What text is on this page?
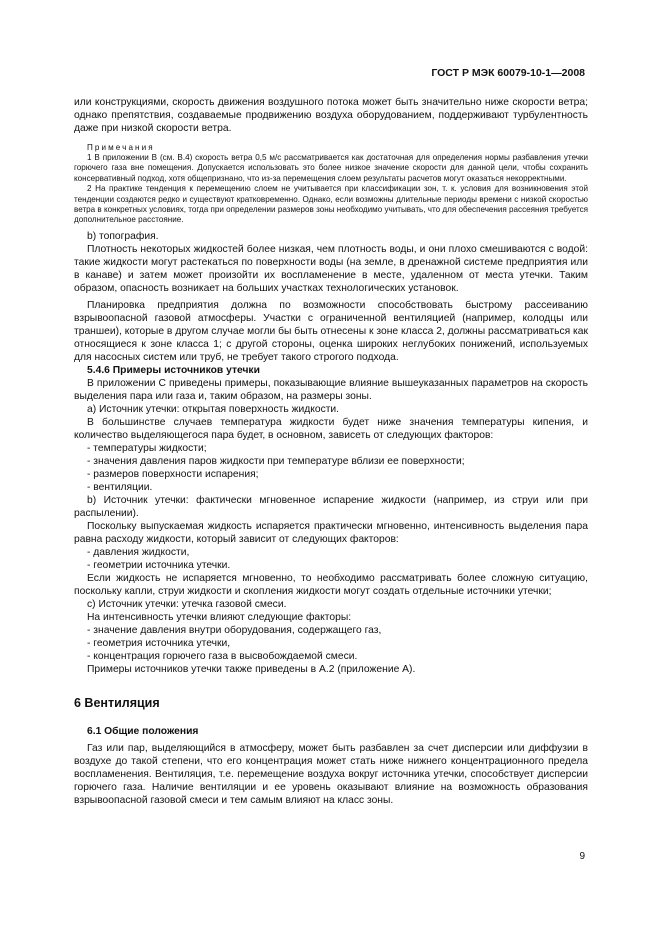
ГОСТ Р МЭК 60079-10-1—2008

или конструкциями, скорость движения воздушного потока может быть значительно ниже скорости ветра; однако препятствия, создаваемые продвижению воздуха оборудованием, поддерживают турбулентность даже при низкой скорости ветра.

Примечания

1 В приложении В (см. В.4) скорость ветра 0,5 м/с рассматривается как достаточная для определения нормы разбавления утечки горючего газа вне помещения. Допускается использовать это более низкое значение скорости для данной цели, чтобы сохранить консервативный подход, хотя общепризнано, что из-за перемещения слоем результаты расчетов могут оказаться некорректными.

2 На практике тенденция к перемещению слоем не учитывается при классификации зон, т. к. условия для возникновения этой тенденции создаются редко и существуют кратковременно. Однако, если возможны длительные периоды времени с низкой скоростью ветра в конкретных условиях, тогда при определении размеров зоны необходимо учитывать, что для обеспечения рассеяния требуется дополнительное расстояние.

b) топография.

Плотность некоторых жидкостей более низкая, чем плотность воды, и они плохо смешиваются с водой: такие жидкости могут растекаться по поверхности воды (на земле, в дренажной системе предприятия или в канаве) и затем может произойти их воспламенение в месте, удаленном от места утечки. Таким образом, опасность возникает на больших участках технологических установок.

Планировка предприятия должна по возможности способствовать быстрому рассеиванию взрывоопасной газовой атмосферы. Участки с ограниченной вентиляцией (например, колодцы или траншеи), которые в другом случае могли бы быть отнесены к зоне класса 2, должны рассматриваться как относящиеся к зоне класса 1; с другой стороны, оценка широких неглубоких понижений, используемых для насосных систем или труб, не требует такого строгого подхода.

5.4.6 Примеры источников утечки

В приложении С приведены примеры, показывающие влияние вышеуказанных параметров на скорость выделения пара или газа и, таким образом, на размеры зоны.

а) Источник утечки: открытая поверхность жидкости.

В большинстве случаев температура жидкости будет ниже значения температуры кипения, и количество выделяющегося пара будет, в основном, зависеть от следующих факторов:

- температуры жидкости;

- значения давления паров жидкости при температуре вблизи ее поверхности;

- размеров поверхности испарения;

- вентиляции.

b) Источник утечки: фактически мгновенное испарение жидкости (например, из струи или при распылении).

Поскольку выпускаемая жидкость испаряется практически мгновенно, интенсивность выделения пара равна расходу жидкости, который зависит от следующих факторов:

- давления жидкости,

- геометрии источника утечки.

Если жидкость не испаряется мгновенно, то необходимо рассматривать более сложную ситуацию, поскольку капли, струи жидкости и скопления жидкости могут создать отдельные источники утечки;

с) Источник утечки: утечка газовой смеси.

На интенсивность утечки влияют следующие факторы:

- значение давления внутри оборудования, содержащего газ,

- геометрия источника утечки,

- концентрация горючего газа в высвобождаемой смеси.

Примеры источников утечки также приведены в А.2 (приложение А).

6 Вентиляция
6.1 Общие положения

Газ или пар, выделяющийся в атмосферу, может быть разбавлен за счет дисперсии или диффузии в воздухе до такой степени, что его концентрация может стать ниже нижнего концентрационного предела воспламенения. Вентиляция, т.е. перемещение воздуха вокруг источника утечки, способствует дисперсии горючего газа. Наличие вентиляции и ее уровень оказывают влияние на возможность образования взрывоопасной газовой смеси и тем самым влияют на класс зоны.

9
